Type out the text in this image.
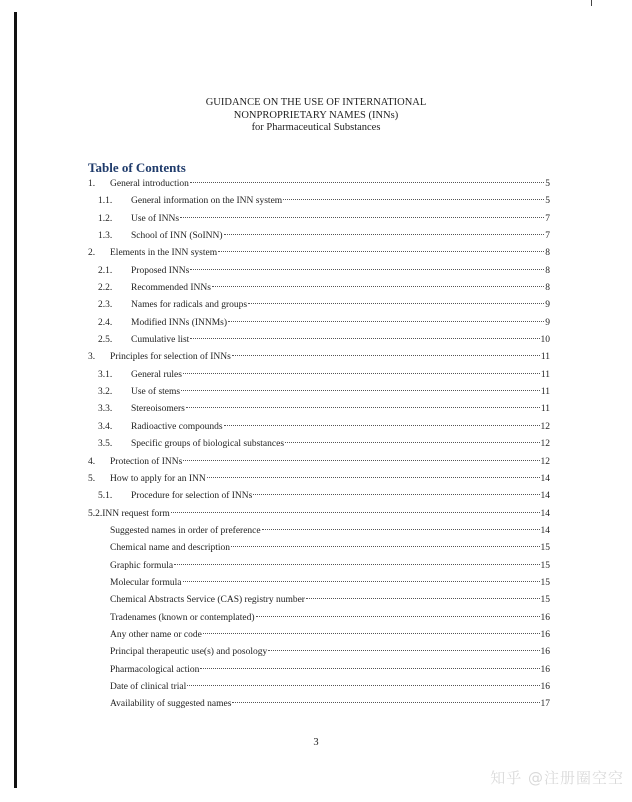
GUIDANCE ON THE USE OF INTERNATIONAL
NONPROPRIETARY NAMES (INNs)
for Pharmaceutical Substances
Table of Contents
1.	General introduction	5
1.1.	General information on the INN system	5
1.2.	Use of INNs	7
1.3.	School of INN (SoINN)	7
2.	Elements in the INN system	8
2.1.	Proposed INNs	8
2.2.	Recommended INNs	8
2.3.	Names for radicals and groups	9
2.4.	Modified INNs (INNMs)	9
2.5.	Cumulative list	10
3.	Principles for selection of INNs	11
3.1.	General rules	11
3.2.	Use of stems	11
3.3.	Stereoisomers	11
3.4.	Radioactive compounds	12
3.5.	Specific groups of biological substances	12
4.	Protection of INNs	12
5.	How to apply for an INN	14
5.1.	Procedure for selection of INNs	14
5.2.INN request form	14
Suggested names in order of preference	14
Chemical name and description	15
Graphic formula	15
Molecular formula	15
Chemical Abstracts Service (CAS) registry number	15
Tradenames (known or contemplated)	16
Any other name or code	16
Principal therapeutic use(s) and posology	16
Pharmacological action	16
Date of clinical trial	16
Availability of suggested names	17
3
知乎 @注册圈空空
